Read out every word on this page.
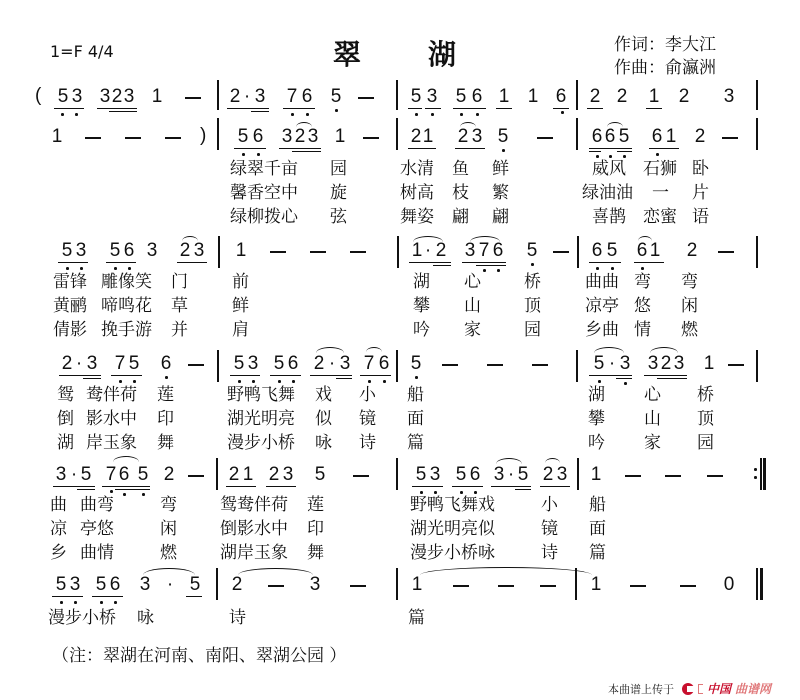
1=F 4/4	翠 湖	作词：李大江
作曲：俞瀛洲
( 5 3 3 2 3 1	2 · 3 7 6 5	5 3 5 6 1 1 6 2 2 1 2 3
1	) 5 6 3 2 3 1	2 1 2 3 5	6 6 5 6 1 2
绿翠千亩 园	水清 鱼 鲜	威风 石狮 卧
馨香空中 旋	树高 枝 繁	绿油油 一 片
绿柳拨心 弦	舞姿 翩 翩	喜鹊 恋蜜 语
5 3 5 6 3 2 3 1	1 · 2 3 7 6 5	6 5 6 1 2
雷锋 雕像笑 门	前	湖 心	桥	曲曲 弯 弯
黄鹂 啼鸣花 草	鲜	攀 山	顶	凉亭 悠 闲
倩影 挽手游 并	肩	吟 家	园	乡曲 情 燃
2 · 3 7 5 6	5 3 5 6 2 · 3 7 6 5	5 · 3 3 2 3 1
鸳 鸯伴荷 莲	野鸭飞舞 戏 小 船	湖 心 桥
倒 影水中 印	湖光明亮 似 镜 面	攀 山 顶
湖 岸玉象 舞	漫步小桥 咏 诗 篇	吟 家 园
3 · 5 7 6 5 2	2 1 2 3 5	5 3 5 6 3 · 5 2 3 1
曲 曲弯	弯	鸳鸯伴荷 莲	野鸭飞舞戏	小 船
凉 亭悠	闲	倒影水中 印	湖光明亮似	镜 面
乡 曲情	燃	湖岸玉象 舞	漫步小桥咏	诗 篇
5 3 5 6 3 · 5 2	3	1	1	0
漫步小桥 咏	诗	篇
（注：翠湖在河南、南阳、翠湖公园 ）
本曲谱上传于	中国 曲谱网
